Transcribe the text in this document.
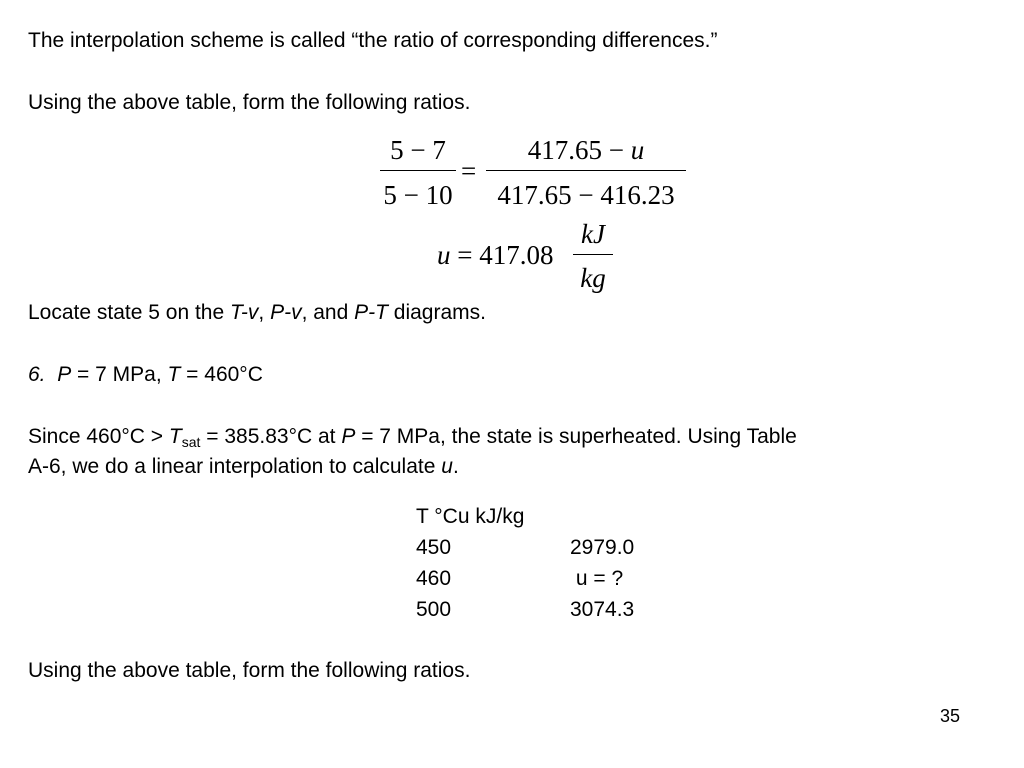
The interpolation scheme is called “the ratio of corresponding differences.”
Using the above table, form the following ratios.
5 − 7
5 − 10
=
417.65 − u
417.65 − 416.23
u = 417.08
kJ
kg
Locate state 5 on the T-v, P-v, and P-T diagrams.
6. P = 7 MPa, T = 460°C
Since $460^\circ C > T_{sat} = 385.83^\circ C$ at P = 7 MPa, the state is superheated. Using Table
A-6, we do a linear interpolation to calculate u.
T °Cu kJ/kg
450	2979.0
460	u = ?
500	3074.3
Using the above table, form the following ratios.
35
